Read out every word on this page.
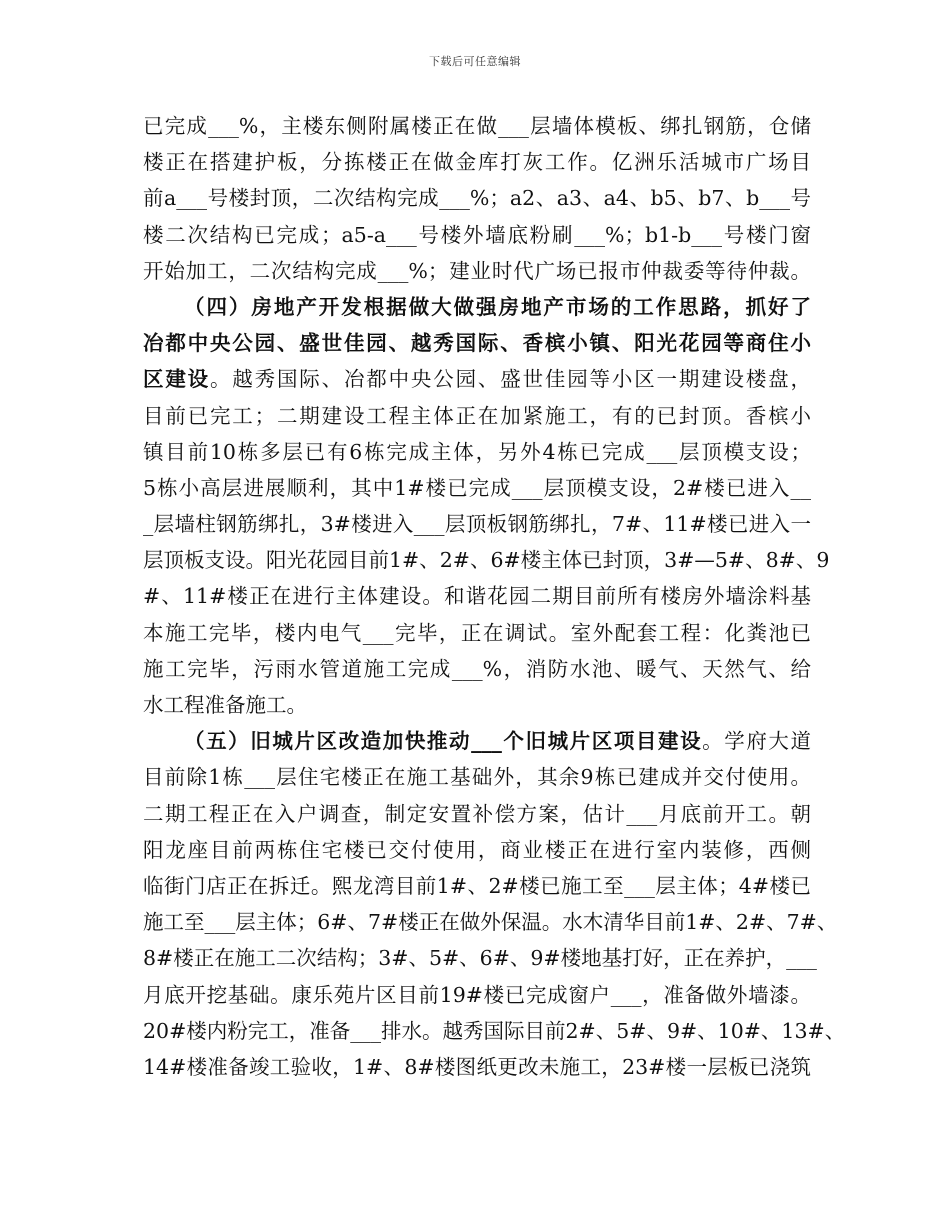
下载后可任意编辑
已完成___%，主楼东侧附属楼正在做___层墙体模板、绑扎钢筋，仓储
楼正在搭建护板，分拣楼正在做金库打灰工作。亿洲乐活城市广场目
前a___号楼封顶，二次结构完成___%；a2、a3、a4、b5、b7、b___号
楼二次结构已完成；a5-a___号楼外墙底粉刷___%；b1-b___号楼门窗
开始加工，二次结构完成___%；建业时代广场已报市仲裁委等待仲裁。
（四）房地产开发根据做大做强房地产市场的工作思路，抓好了
冶都中央公园、盛世佳园、越秀国际、香槟小镇、阳光花园等商住小
区建设。越秀国际、冶都中央公园、盛世佳园等小区一期建设楼盘，
目前已完工；二期建设工程主体正在加紧施工，有的已封顶。香槟小
镇目前10栋多层已有6栋完成主体，另外4栋已完成___层顶模支设；
5栋小高层进展顺利，其中1#楼已完成___层顶模支设，2#楼已进入__
_层墙柱钢筋绑扎，3#楼进入___层顶板钢筋绑扎，7#、11#楼已进入一
层顶板支设。阳光花园目前1#、2#、6#楼主体已封顶，3#—5#、8#、9
#、11#楼正在进行主体建设。和谐花园二期目前所有楼房外墙涂料基
本施工完毕，楼内电气___完毕，正在调试。室外配套工程：化粪池已
施工完毕，污雨水管道施工完成___%，消防水池、暖气、天然气、给
水工程准备施工。
（五）旧城片区改造加快推动___个旧城片区项目建设。学府大道
目前除1栋___层住宅楼正在施工基础外，其余9栋已建成并交付使用。
二期工程正在入户调查，制定安置补偿方案，估计___月底前开工。朝
阳龙座目前两栋住宅楼已交付使用，商业楼正在进行室内装修，西侧
临街门店正在拆迁。熙龙湾目前1#、2#楼已施工至___层主体；4#楼已
施工至___层主体；6#、7#楼正在做外保温。水木清华目前1#、2#、7#、
8#楼正在施工二次结构；3#、5#、6#、9#楼地基打好，正在养护，___
月底开挖基础。康乐苑片区目前19#楼已完成窗户___，准备做外墙漆。
20#楼内粉完工，准备___排水。越秀国际目前2#、5#、9#、10#、13#、
14#楼准备竣工验收，1#、8#楼图纸更改未施工，23#楼一层板已浇筑
